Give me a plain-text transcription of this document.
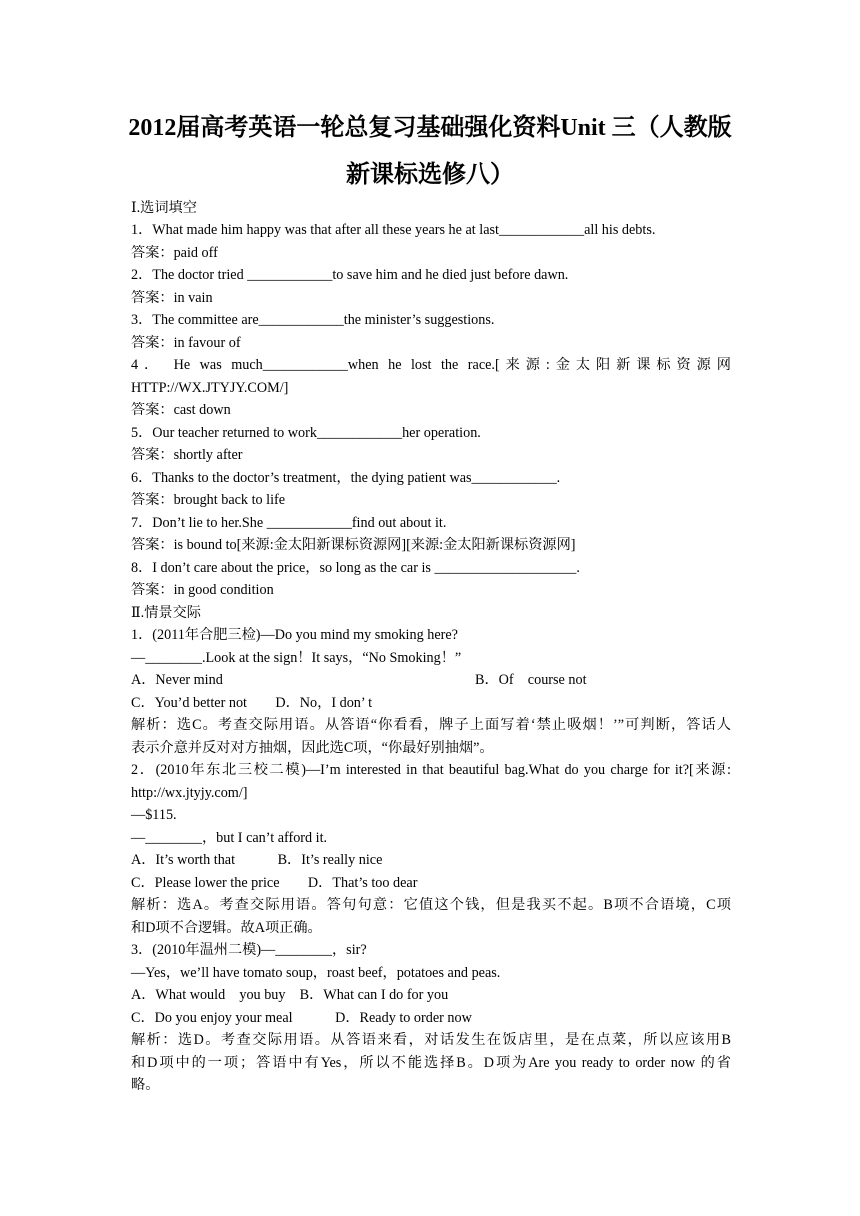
2012届高考英语一轮总复习基础强化资料Unit 三（人教版
新课标选修八）
Ⅰ.选词填空
1．What made him happy was that after all these years he at last____________all his debts.
答案：paid off
2．The doctor tried ____________to save him and he died just before dawn.
答案：in vain
3．The committee are____________the minister’s suggestions.
答案：in favour of
4． He was much____________when he lost the race.[来源:金太阳新课标资源网
HTTP://WX.JTYJY.COM/]
答案：cast down
5．Our teacher returned to work____________her operation.
答案：shortly after
6．Thanks to the doctor’s treatment，the dying patient was____________.
答案：brought back to life
7．Don’t lie to her.She ____________find out about it.
答案：is bound to[来源:金太阳新课标资源网][来源:金太阳新课标资源网]
8．I don’t care about the price，so long as the car is ____________________.
答案：in good condition
Ⅱ.情景交际
1．(2011年合肥三检)—Do you mind my smoking here?
—________.Look at the sign！It says，“No Smoking！”
A．Never mind	B．Of　course not
C．You’d better not　　D．No，I don’ t
解析：选C。考查交际用语。从答语“你看看，牌子上面写着‘禁止吸烟！’”可判断，答话人
表示介意并反对对方抽烟，因此选C项，“你最好别抽烟”。
2．(2010年东北三校二模)—I’m interested in that beautiful bag.What do you charge for it?[来源:
http://wx.jtyjy.com/]
—$115.
—________，but I can’t afford it.
A．It’s worth that　　　B．It’s really nice
C．Please lower the price　　D．That’s too dear
解析：选A。考查交际用语。答句句意：它值这个钱，但是我买不起。B项不合语境，C项
和D项不合逻辑。故A项正确。
3．(2010年温州二模)—________，sir?
—Yes，we’ll have tomato soup，roast beef，potatoes and peas.
A．What would　you buy　B．What can I do for you
C．Do you enjoy your meal　　　D．Ready to order now
解析：选D。考查交际用语。从答语来看，对话发生在饭店里，是在点菜，所以应该用B
和D项中的一项；答语中有Yes，所以不能选择B。D项为Are you ready to order now 的省
略。
